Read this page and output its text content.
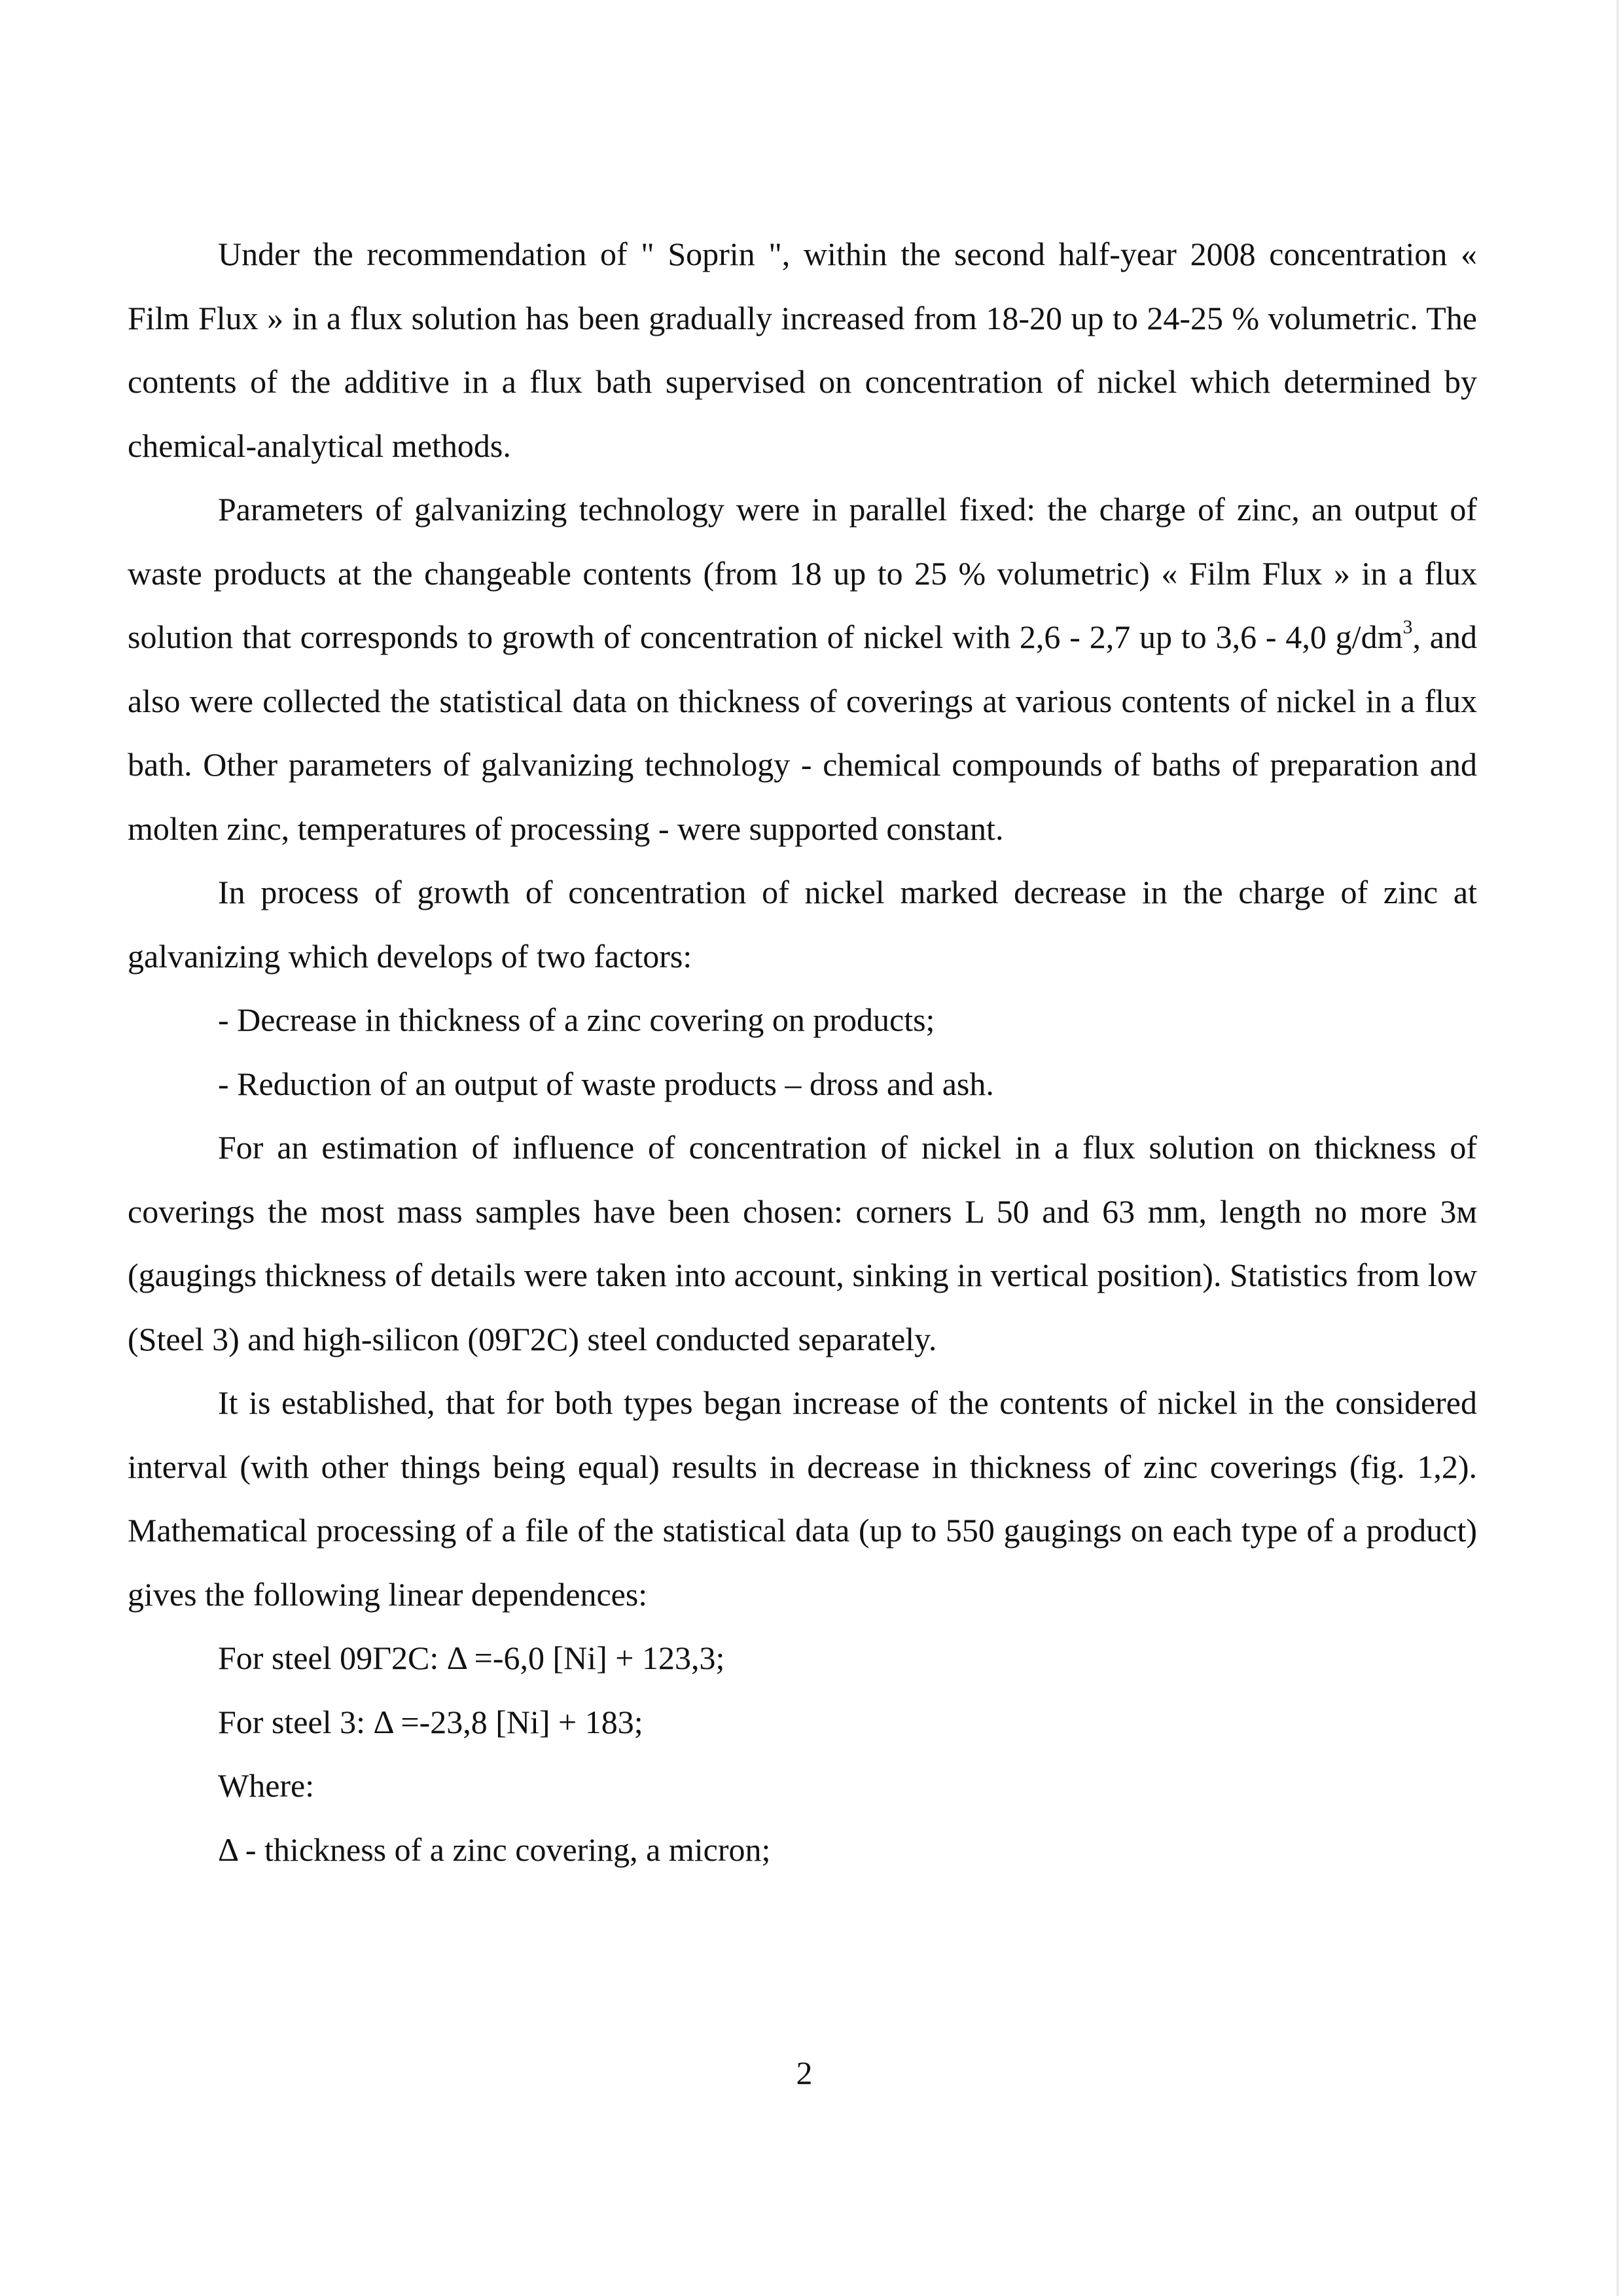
Under the recommendation of " Soprin ", within the second half-year 2008 concentration « Film Flux » in a flux solution has been gradually increased from 18-20 up to 24-25 % volumetric. The contents of the additive in a flux bath supervised on concentration of nickel which determined by chemical-analytical methods.

Parameters of galvanizing technology were in parallel fixed: the charge of zinc, an output of waste products at the changeable contents (from 18 up to 25 % volumetric) « Film Flux » in a flux solution that corresponds to growth of concentration of nickel with 2,6 - 2,7 up to 3,6 - 4,0 $g/dm^3$, and also were collected the statistical data on thickness of coverings at various contents of nickel in a flux bath. Other parameters of galvanizing technology - chemical compounds of baths of preparation and molten zinc, temperatures of processing - were supported constant.

In process of growth of concentration of nickel marked decrease in the charge of zinc at galvanizing which develops of two factors:

- Decrease in thickness of a zinc covering on products;

- Reduction of an output of waste products – dross and ash.

For an estimation of influence of concentration of nickel in a flux solution on thickness of coverings the most mass samples have been chosen: corners L 50 and 63 mm, length no more 3м (gaugings thickness of details were taken into account, sinking in vertical position). Statistics from low (Steel 3) and high-silicon (09Г2С) steel conducted separately.

It is established, that for both types began increase of the contents of nickel in the considered interval (with other things being equal) results in decrease in thickness of zinc coverings (fig. 1,2). Mathematical processing of a file of the statistical data (up to 550 gaugings on each type of a product) gives the following linear dependences:

For steel 09Г2С: Δ =-6,0 [Ni] + 123,3;

For steel 3: Δ =-23,8 [Ni] + 183;

Where:

Δ - thickness of a zinc covering, a micron;

2
